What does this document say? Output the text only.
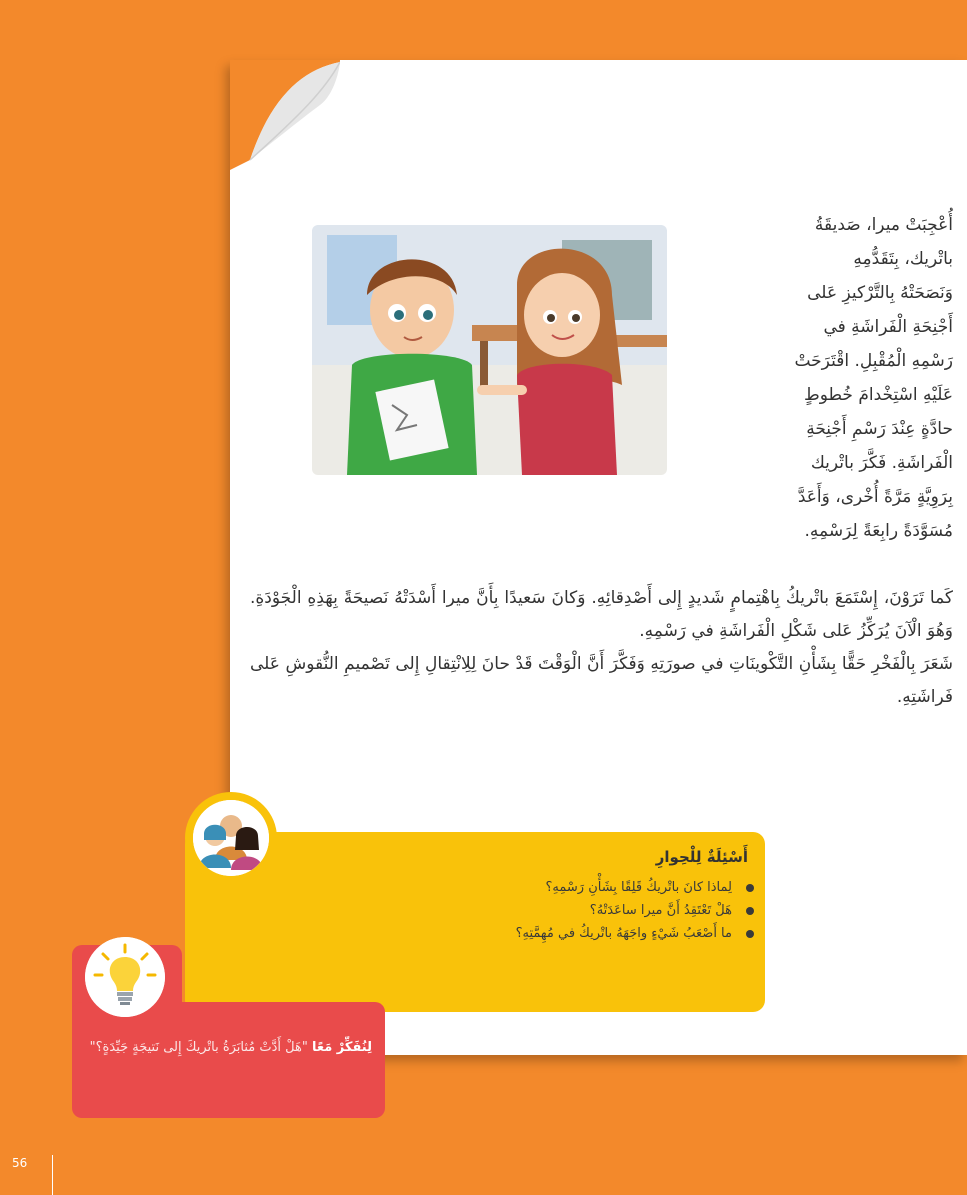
أُعْجِبَتْ ميرا، صَديقَةُ
باتْريك، بِتَقَدُّمِهِ
وَنَصَحَتْهُ بِالتَّرْكيزِ عَلى
أَجْنِحَةِ الْفَراشَةِ في
رَسْمِهِ الْمُقْبِلِ. اقْتَرَحَتْ
عَلَيْهِ اسْتِخْدامَ خُطوطٍ
حادَّةٍ عِنْدَ رَسْمِ أَجْنِحَةِ
الْفَراشَةِ. فَكَّرَ باتْريك
بِرَوِيَّةٍ مَرَّةً أُخْرى، وَأَعَدَّ
مُسَوَّدَةً رابِعَةً لِرَسْمِهِ.

كَما تَرَوْنَ، إِسْتَمَعَ باتْريكُ بِاهْتِمامٍ شَديدٍ إِلى أَصْدِقائِهِ. وَكانَ سَعيدًا بِأَنَّ ميرا أَسْدَتْهُ نَصيحَةً بِهَذِهِ الْجَوْدَةِ. وَهُوَ الْآنَ يُرَكِّزُ عَلى شَكْلِ الْفَراشَةِ في رَسْمِهِ.

شَعَرَ بِالْفَخْرِ حَقًّا بِشَأْنِ التَّكْوينَاتِ في صورَتِهِ وَفَكَّرَ أَنَّ الْوَقْتَ قَدْ حانَ لِلِانْتِقالِ إِلى تَصْميمِ النُّقوشِ عَلى فَراشَتِهِ.

أَسْئِلَةٌ لِلْحِوارِ
لِماذا كانَ باتْريكُ قَلِقًا بِشَأْنِ رَسْمِهِ؟
هَلْ تَعْتَقِدُ أَنَّ ميرا ساعَدَتْهُ؟
ما أَصْعَبُ شَيْءٍ واجَهَهُ باتْريكُ في مُهِمَّتِهِ؟
لِنُفَكِّرْ مَعًا "هَلْ أَدَّتْ مُثابَرَةُ باتْريكَ إِلى نَتيجَةٍ جَيِّدَةٍ؟"
56
